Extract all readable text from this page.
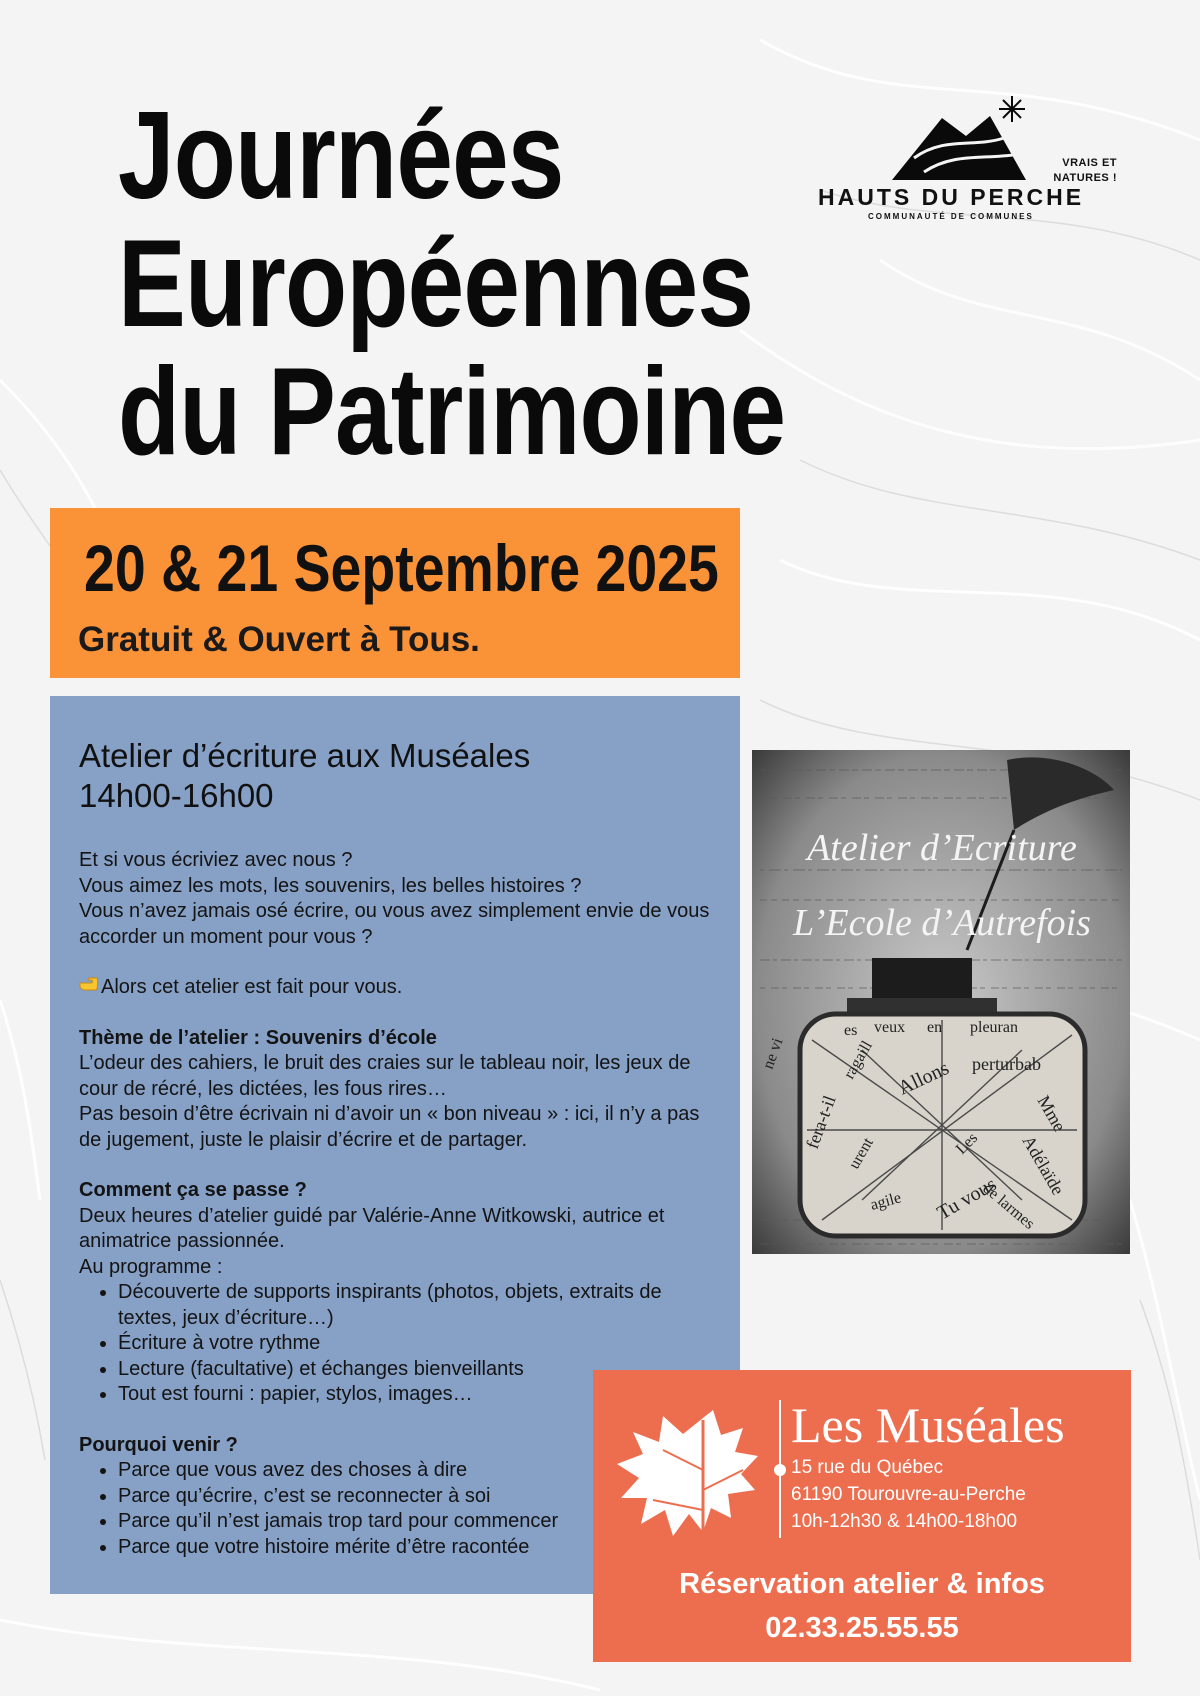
Journées
Européennes
du Patrimoine
VRAIS ET
NATURES !
HAUTS DU PERCHE
COMMUNAUTÉ DE COMMUNES
20 & 21 Septembre 2025
Gratuit & Ouvert à Tous.
Atelier d’écriture aux Muséales
14h00-16h00

Et si vous écriviez avec nous ?

Vous aimez les mots, les souvenirs, les belles histoires ?

Vous n’avez jamais osé écrire, ou vous avez simplement envie de vous accorder un moment pour vous ?

Alors cet atelier est fait pour vous.

Thème de l’atelier : Souvenirs d’école

L’odeur des cahiers, le bruit des craies sur le tableau noir, les jeux de cour de récré, les dictées, les fous rires…

Pas besoin d’être écrivain ni d’avoir un « bon niveau » : ici, il n’y a pas de jugement, juste le plaisir d’écrire et de partager.

Comment ça se passe ?

Deux heures d’atelier guidé par Valérie-Anne Witkowski, autrice et animatrice passionnée.

Au programme :

• Découverte de supports inspirants (photos, objets, extraits de textes, jeux d’écriture…)
• Écriture à votre rythme
• Lecture (facultative) et échanges bienveillants
• Tout est fourni : papier, stylos, images…

Pourquoi venir ?

• Parce que vous avez des choses à dire
• Parce qu’écrire, c’est se reconnecter à soi
• Parce qu’il n’est jamais trop tard pour commencer
• Parce que votre histoire mérite d’être racontée
Atelier d’Ecriture
L’Ecole d’Autrefois
es veux en pleuran
perturbab
Allons
ragaill
Mme
Adélaïde
de larmes
Tu vous
Les
fera-t-il
agile
ne vi
urent
Les Muséales
15 rue du Québec
61190 Tourouvre-au-Perche
10h-12h30 & 14h00-18h00
Réservation atelier & infos
02.33.25.55.55
